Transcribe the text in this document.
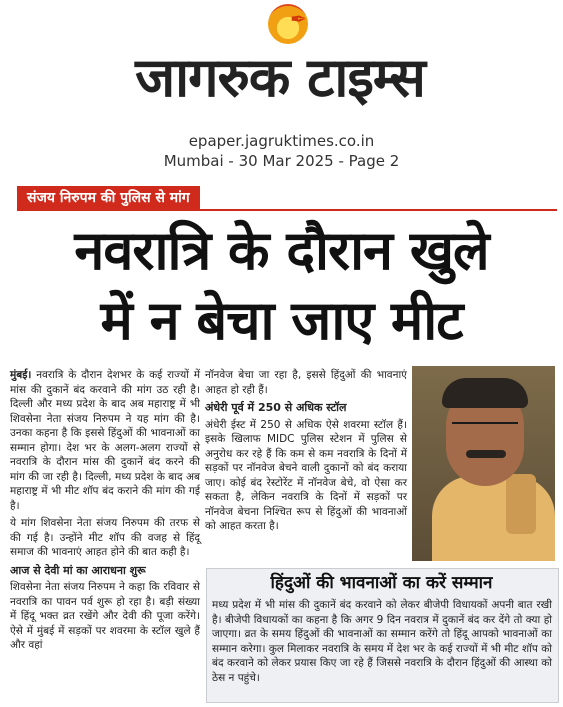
✒
जागरुक टाइम्स
epaper.jagruktimes.co.in
Mumbai - 30 Mar 2025 - Page 2
संजय निरुपम की पुलिस से मांग
नवरात्रि के दौरान खुले
में न बेचा जाए मीट

मुंबई। नवरात्रि के दौरान देशभर के कई राज्यों में मांस की दुकानें बंद करवाने की मांग उठ रही है। दिल्ली और मध्य प्रदेश के बाद अब महाराष्ट्र में भी शिवसेना नेता संजय निरुपम ने यह मांग की है। उनका कहना है कि इससे हिंदुओं की भावनाओं का सम्मान होगा। देश भर के अलग-अलग राज्यों से नवरात्रि के दौरान मांस की दुकानें बंद करने की मांग की जा रही है। दिल्ली, मध्य प्रदेश के बाद अब महाराष्ट्र में भी मीट शॉप बंद कराने की मांग की गई है।

ये मांग शिवसेना नेता संजय निरुपम की तरफ से की गई है। उन्होंने मीट शॉप की वजह से हिंदू समाज की भावनाएं आहत होने की बात कही है।

आज से देवी मां का आराधना शुरू

शिवसेना नेता संजय निरुपम ने कहा कि रविवार से नवरात्रि का पावन पर्व शुरू हो रहा है। बड़ी संख्या में हिंदू भक्त व्रत रखेंगे और देवी की पूजा करेंगे। ऐसे में मुंबई में सड़कों पर शवरमा के स्टॉल खुले हैं और वहां

नॉनवेज बेचा जा रहा है, इससे हिंदुओं की भावनाएं आहत हो रही हैं।

अंधेरी पूर्व में 250 से अधिक स्टॉल

अंधेरी ईस्ट में 250 से अधिक ऐसे शवरमा स्टॉल हैं। इसके खिलाफ MIDC पुलिस स्टेशन में पुलिस से अनुरोध कर रहे हैं कि कम से कम नवरात्रि के दिनों में सड़कों पर नॉनवेज बेचने वाली दुकानों को बंद कराया जाए। कोई बंद रेस्टोरेंट में नॉनवेज बेचे, वो ऐसा कर सकता है, लेकिन नवरात्रि के दिनों में सड़कों पर नॉनवेज बेचना निश्चित रूप से हिंदुओं की भावनाओं को आहत करता है।

हिंदुओं की भावनाओं का करें सम्मान
मध्य प्रदेश में भी मांस की दुकानें बंद करवाने को लेकर बीजेपी विधायकों अपनी बात रखी है। बीजेपी विधायकों का कहना है कि अगर 9 दिन नवरात्र में दुकानें बंद कर देंगे तो क्या हो जाएगा। व्रत के समय हिंदुओं की भावनाओं का सम्मान करेंगे तो हिंदू आपको भावनाओं का सम्मान करेगा। कुल मिलाकर नवरात्रि के समय में देश भर के कई राज्यों में भी मीट शॉप को बंद करवाने को लेकर प्रयास किए जा रहे हैं जिससे नवरात्रि के दौरान हिंदुओं की आस्था को ठेस न पहुंचे।
